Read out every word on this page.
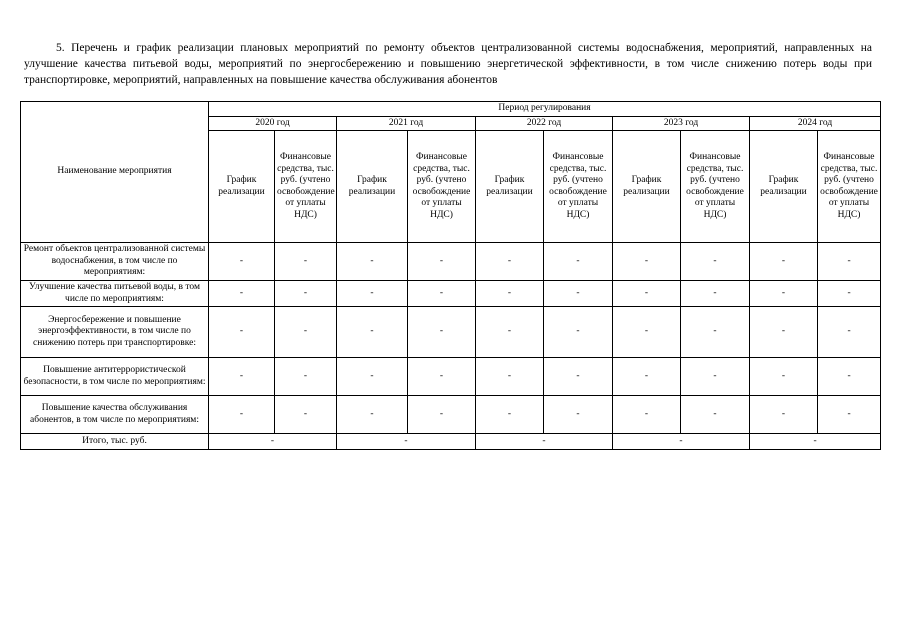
5. Перечень и график реализации плановых мероприятий по ремонту объектов централизованной системы водоснабжения, мероприятий, направленных на улучшение качества питьевой воды, мероприятий по энергосбережению и повышению энергетической эффективности, в том числе снижению потерь воды при транспортировке, мероприятий, направленных на повышение качества обслуживания абонентов

Наименование мероприятия	Период регулирования									
	2020 год		2021 год		2022 год		2023 год		2024 год	
	График реализации	Финансовые средства, тыс. руб. (учтено освобождение от уплаты НДС)	График реализации	Финансовые средства, тыс. руб. (учтено освобождение от уплаты НДС)	График реализации	Финансовые средства, тыс. руб. (учтено освобождение от уплаты НДС)	График реализации	Финансовые средства, тыс. руб. (учтено освобождение от уплаты НДС)	График реализации	Финансовые средства, тыс. руб. (учтено освобождение от уплаты НДС)
Ремонт объектов централизованной системы водоснабжения, в том числе по мероприятиям:	-	-	-	-	-	-	-	-	-	-
Улучшение качества питьевой воды, в том числе по мероприятиям:	-	-	-	-	-	-	-	-	-	-
Энергосбережение и повышение энергоэффективности, в том числе по снижению потерь при транспортировке:	-	-	-	-	-	-	-	-	-	-
Повышение антитеррористической безопасности, в том числе по мероприятиям:	-	-	-	-	-	-	-	-	-	-
Повышение качества обслуживания абонентов, в том числе по мероприятиям:	-	-	-	-	-	-	-	-	-	-
Итого, тыс. руб.	-		-		-		-		-	
